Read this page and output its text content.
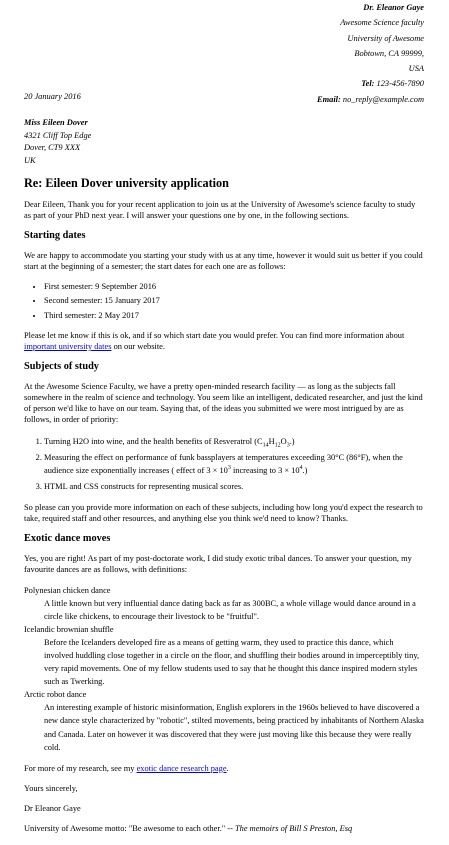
Dr. Eleanor Gaye
Awesome Science faculty
University of Awesome
Bobtown, CA 99999,
USA
Tel: 123-456-7890
Email: no_reply@example.com
20 January 2016
Miss Eileen Dover
4321 Cliff Top Edge
Dover, CT9 XXX
UK
Re: Eileen Dover university application

Dear Eileen, Thank you for your recent application to join us at the University of Awesome's science faculty to study as part of your PhD next year. I will answer your questions one by one, in the following sections.

Starting dates

We are happy to accommodate you starting your study with us at any time, however it would suit us better if you could start at the beginning of a semester; the start dates for each one are as follows:

• First semester: 9 September 2016
• Second semester: 15 January 2017
• Third semester: 2 May 2017

Please let me know if this is ok, and if so which start date you would prefer. You can find more information about important university dates on our website.

Subjects of study

At the Awesome Science Faculty, we have a pretty open-minded research facility — as long as the subjects fall somewhere in the realm of science and technology. You seem like an intelligent, dedicated researcher, and just the kind of person we'd like to have on our team. Saying that, of the ideas you submitted we were most intrigued by are as follows, in order of priority:

1. Turning H2O into wine, and the health benefits of Resveratrol $(C_{14}H_{12}O_3.)$
2. Measuring the effect on performance of funk bassplayers at temperatures exceeding 30°C (86°F), when the audience size exponentially increases ( effect of $3 \times 10^3$ increasing to $3 \times 10^4$.)
3. HTML and CSS constructs for representing musical scores.

So please can you provide more information on each of these subjects, including how long you'd expect the research to take, required staff and other resources, and anything else you think we'd need to know? Thanks.

Exotic dance moves

Yes, you are right! As part of my post-doctorate work, I did study exotic tribal dances. To answer your question, my favourite dances are as follows, with definitions:

Polynesian chicken dance
A little known but very influential dance dating back as far as 300BC, a whole village would dance around in a circle like chickens, to encourage their livestock to be "fruitful".
Icelandic brownian shuffle
Before the Icelanders developed fire as a means of getting warm, they used to practice this dance, which involved huddling close together in a circle on the floor, and shuffling their bodies around in imperceptibly tiny, very rapid movements. One of my fellow students used to say that he thought this dance inspired modern styles such as Twerking.
Arctic robot dance
An interesting example of historic misinformation, English explorers in the 1960s believed to have discovered a new dance style characterized by "robotic", stilted movements, being practiced by inhabitants of Northern Alaska and Canada. Later on however it was discovered that they were just moving like this because they were really cold.

For more of my research, see my exotic dance research page.

Yours sincerely,

Dr Eleanor Gaye

University of Awesome motto: "Be awesome to each other." -- The memoirs of Bill S Preston, Esq
